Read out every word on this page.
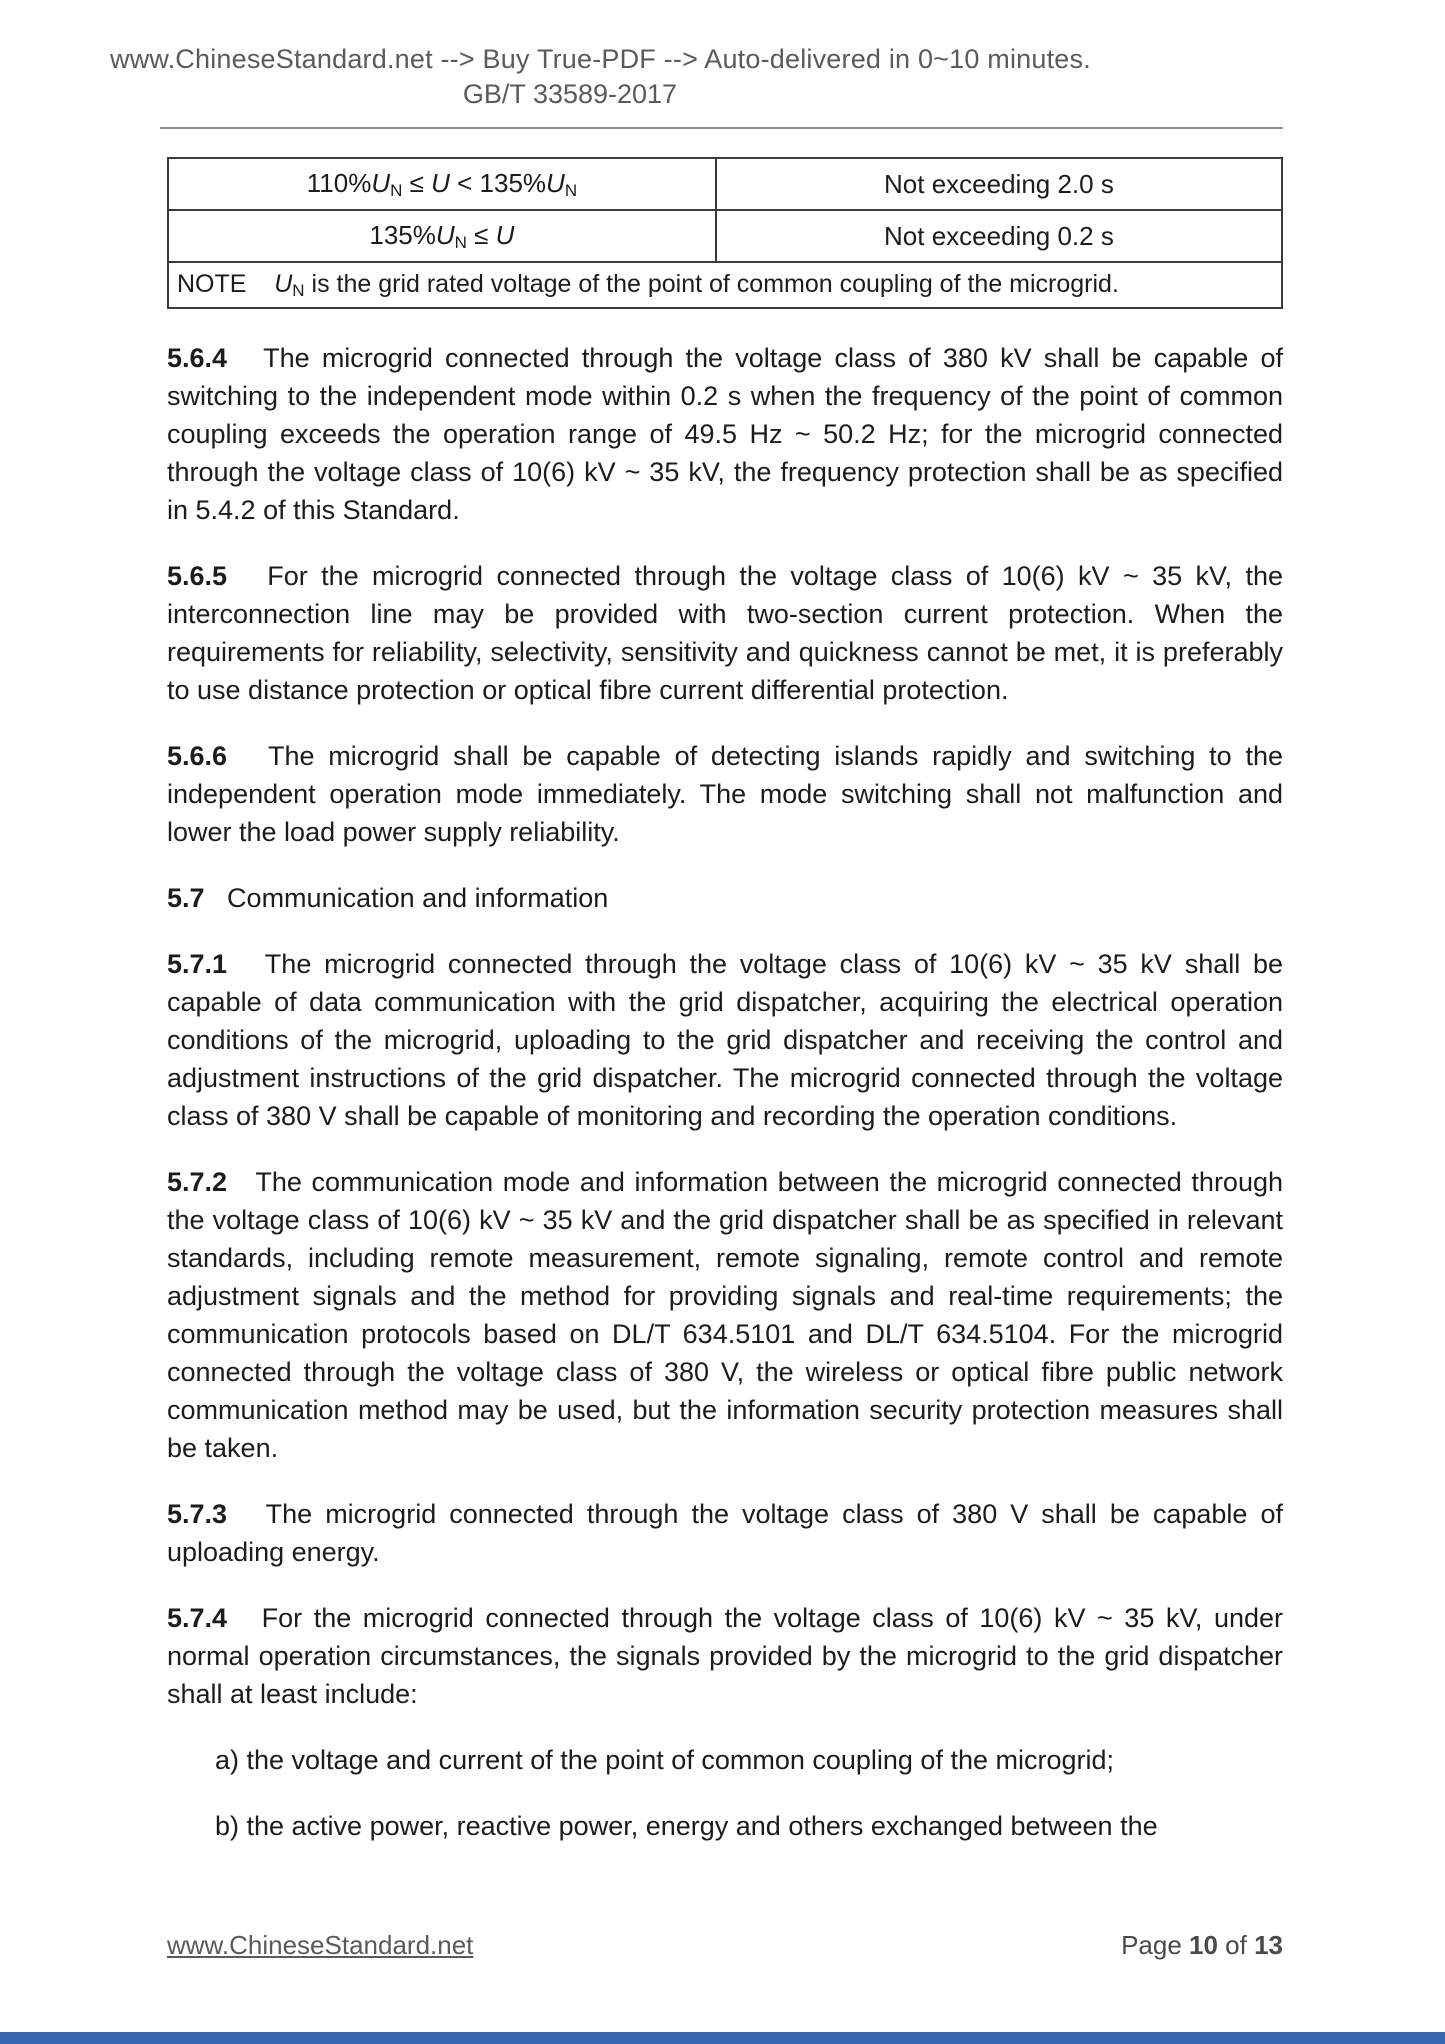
www.ChineseStandard.net --> Buy True-PDF --> Auto-delivered in 0~10 minutes.
GB/T 33589-2017
$110\%U_N \le U < 135\%U_N$	Not exceeding 2.0 s
$135\%U_N \le U$	Not exceeding 0.2 s
NOTE    $U_N$ is the grid rated voltage of the point of common coupling of the microgrid.	

5.6.4   The microgrid connected through the voltage class of 380 kV shall be capable of switching to the independent mode within 0.2 s when the frequency of the point of common coupling exceeds the operation range of 49.5 Hz ~ 50.2 Hz; for the microgrid connected through the voltage class of 10(6) kV ~ 35 kV, the frequency protection shall be as specified in 5.4.2 of this Standard.

5.6.5   For the microgrid connected through the voltage class of 10(6) kV ~ 35 kV, the interconnection line may be provided with two-section current protection. When the requirements for reliability, selectivity, sensitivity and quickness cannot be met, it is preferably to use distance protection or optical fibre current differential protection.

5.6.6   The microgrid shall be capable of detecting islands rapidly and switching to the independent operation mode immediately. The mode switching shall not malfunction and lower the load power supply reliability.

5.7   Communication and information

5.7.1   The microgrid connected through the voltage class of 10(6) kV ~ 35 kV shall be capable of data communication with the grid dispatcher, acquiring the electrical operation conditions of the microgrid, uploading to the grid dispatcher and receiving the control and adjustment instructions of the grid dispatcher. The microgrid connected through the voltage class of 380 V shall be capable of monitoring and recording the operation conditions.

5.7.2   The communication mode and information between the microgrid connected through the voltage class of 10(6) kV ~ 35 kV and the grid dispatcher shall be as specified in relevant standards, including remote measurement, remote signaling, remote control and remote adjustment signals and the method for providing signals and real-time requirements; the communication protocols based on DL/T 634.5101 and DL/T 634.5104. For the microgrid connected through the voltage class of 380 V, the wireless or optical fibre public network communication method may be used, but the information security protection measures shall be taken.

5.7.3   The microgrid connected through the voltage class of 380 V shall be capable of uploading energy.

5.7.4   For the microgrid connected through the voltage class of 10(6) kV ~ 35 kV, under normal operation circumstances, the signals provided by the microgrid to the grid dispatcher shall at least include:

a) the voltage and current of the point of common coupling of the microgrid;

b) the active power, reactive power, energy and others exchanged between the

www.ChineseStandard.net	Page 10 of 13
